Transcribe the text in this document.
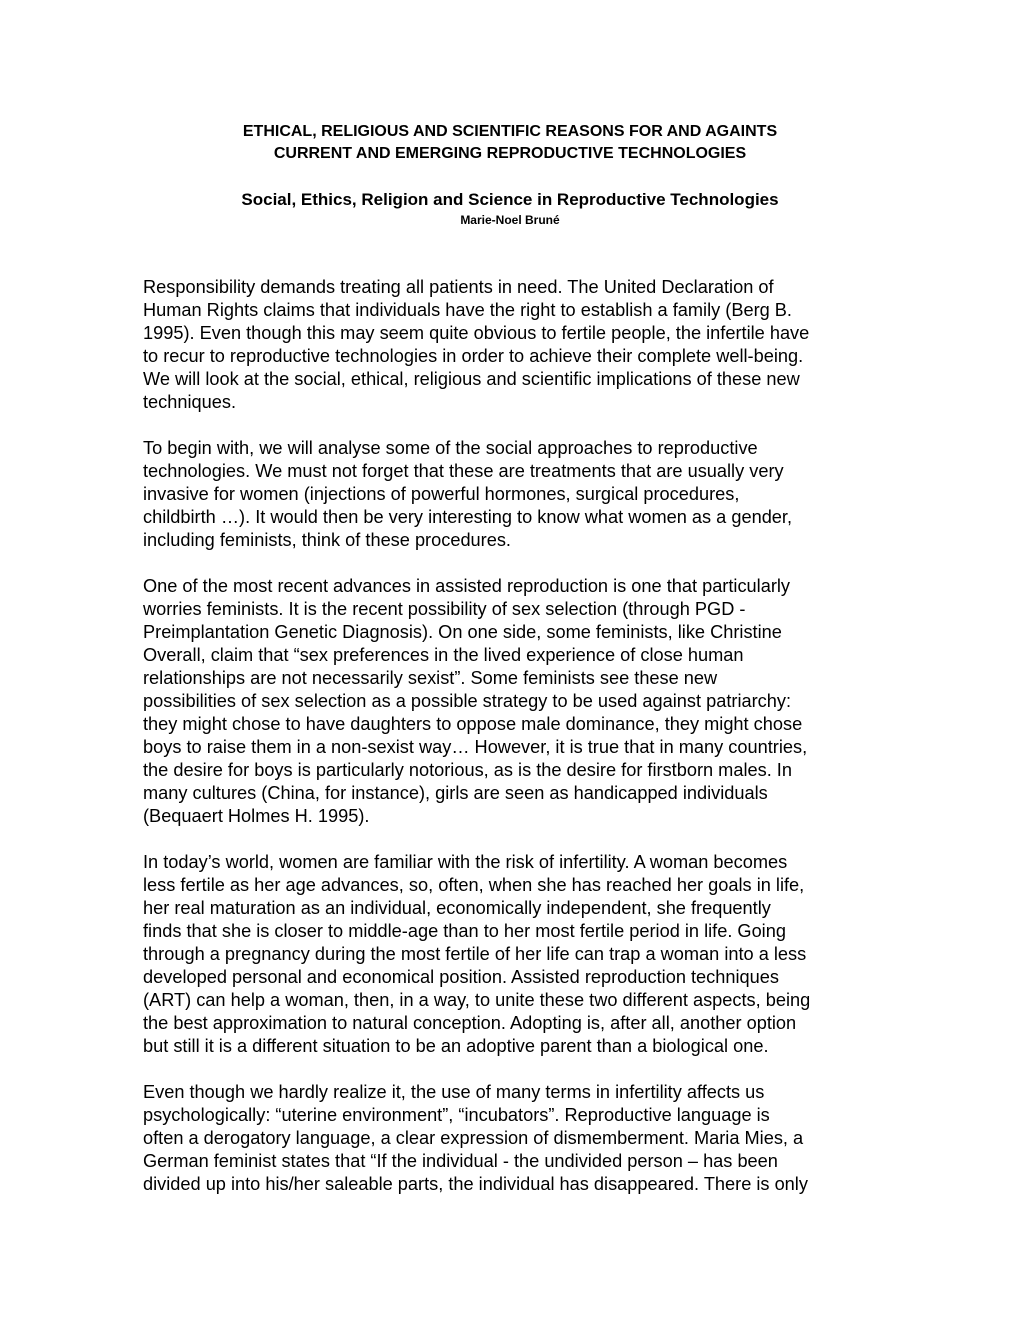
ETHICAL, RELIGIOUS AND SCIENTIFIC REASONS FOR AND AGAINTS
CURRENT AND EMERGING REPRODUCTIVE TECHNOLOGIES
Social, Ethics, Religion and Science in Reproductive Technologies
Marie-Noel Bruné

Responsibility demands treating all patients in need. The United Declaration of
Human Rights claims that individuals have the right to establish a family (Berg B.
1995). Even though this may seem quite obvious to fertile people, the infertile have
to recur to reproductive technologies in order to achieve their complete well-being.
We will look at the social, ethical, religious and scientific implications of these new
techniques.

To begin with, we will analyse some of the social approaches to reproductive
technologies. We must not forget that these are treatments that are usually very
invasive for women (injections of powerful hormones, surgical procedures,
childbirth …). It would then be very interesting to know what women as a gender,
including feminists, think of these procedures.

One of the most recent advances in assisted reproduction is one that particularly
worries feminists. It is the recent possibility of sex selection (through PGD -
Preimplantation Genetic Diagnosis). On one side, some feminists, like Christine
Overall, claim that “sex preferences in the lived experience of close human
relationships are not necessarily sexist”. Some feminists see these new
possibilities of sex selection as a possible strategy to be used against patriarchy:
they might chose to have daughters to oppose male dominance, they might chose
boys to raise them in a non-sexist way… However, it is true that in many countries,
the desire for boys is particularly notorious, as is the desire for firstborn males. In
many cultures (China, for instance), girls are seen as handicapped individuals
(Bequaert Holmes H. 1995).

In today’s world, women are familiar with the risk of infertility. A woman becomes
less fertile as her age advances, so, often, when she has reached her goals in life,
her real maturation as an individual, economically independent, she frequently
finds that she is closer to middle-age than to her most fertile period in life. Going
through a pregnancy during the most fertile of her life can trap a woman into a less
developed personal and economical position. Assisted reproduction techniques
(ART) can help a woman, then, in a way, to unite these two different aspects, being
the best approximation to natural conception. Adopting is, after all, another option
but still it is a different situation to be an adoptive parent than a biological one.

Even though we hardly realize it, the use of many terms in infertility affects us
psychologically: “uterine environment”, “incubators”. Reproductive language is
often a derogatory language, a clear expression of dismemberment. Maria Mies, a
German feminist states that “If the individual - the undivided person – has been
divided up into his/her saleable parts, the individual has disappeared. There is only
